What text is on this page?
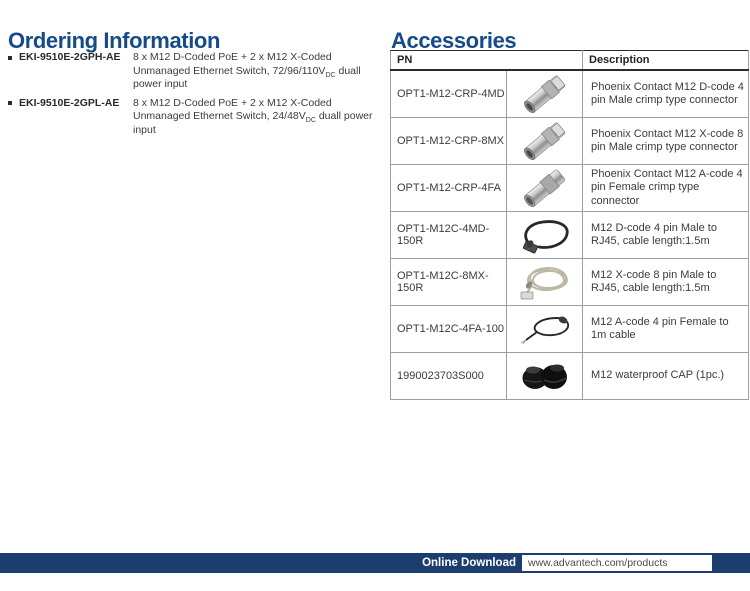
Ordering Information
EKI-9510E-2GPH-AE	8 x M12 D-Coded PoE + 2 x M12 X-Coded Unmanaged Ethernet Switch, $72/96/110V_{DC}$ duall power input
EKI-9510E-2GPL-AE	8 x M12 D-Coded PoE + 2 x M12 X-Coded Unmanaged Ethernet Switch, $24/48V_{DC}$ duall power input
Accessories
PN		Description
OPT1-M12-CRP-4MD		Phoenix Contact M12 D-code 4 pin Male crimp type connector
OPT1-M12-CRP-8MX		Phoenix Contact M12 X-code 8 pin Male crimp type connector
OPT1-M12-CRP-4FA		Phoenix Contact M12 A-code 4 pin Female crimp type connector
OPT1-M12C-4MD-150R		M12 D-code 4 pin Male to RJ45, cable length:1.5m
OPT1-M12C-8MX-150R		M12 X-code 8 pin Male to RJ45, cable length:1.5m
OPT1-M12C-4FA-100		M12 A-code 4 pin Female to 1m cable
1990023703S000		M12 waterproof CAP (1pc.)
Online Download www.advantech.com/products
